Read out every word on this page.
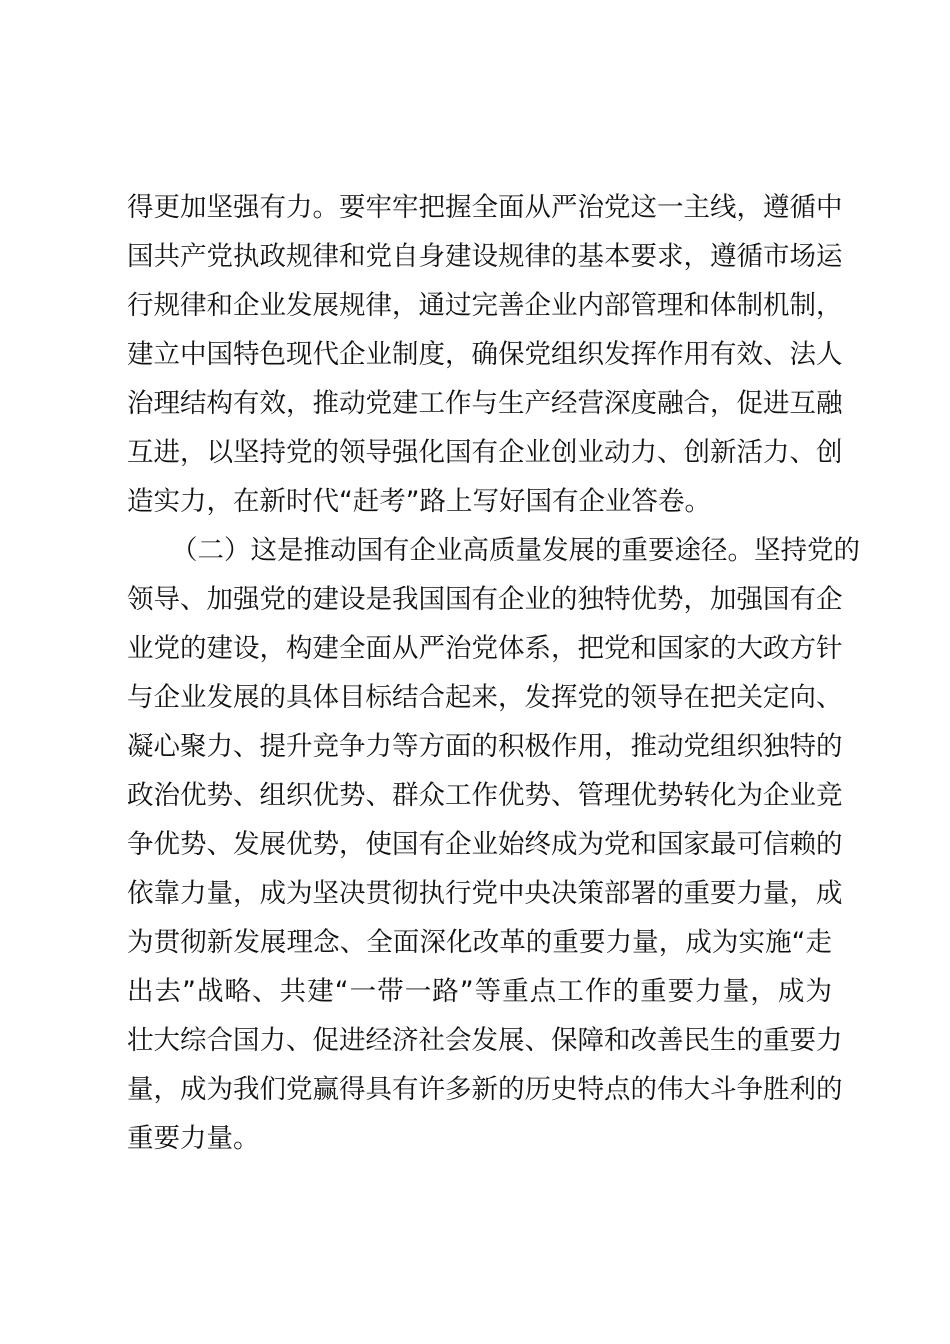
得更加坚强有力。要牢牢把握全面从严治党这一主线，遵循中
国共产党执政规律和党自身建设规律的基本要求，遵循市场运
行规律和企业发展规律，通过完善企业内部管理和体制机制，
建立中国特色现代企业制度，确保党组织发挥作用有效、法人
治理结构有效，推动党建工作与生产经营深度融合，促进互融
互进，以坚持党的领导强化国有企业创业动力、创新活力、创
造实力，在新时代“赶考”路上写好国有企业答卷。
（二）这是推动国有企业高质量发展的重要途径。坚持党的
领导、加强党的建设是我国国有企业的独特优势，加强国有企
业党的建设，构建全面从严治党体系，把党和国家的大政方针
与企业发展的具体目标结合起来，发挥党的领导在把关定向、
凝心聚力、提升竞争力等方面的积极作用，推动党组织独特的
政治优势、组织优势、群众工作优势、管理优势转化为企业竞
争优势、发展优势，使国有企业始终成为党和国家最可信赖的
依靠力量，成为坚决贯彻执行党中央决策部署的重要力量，成
为贯彻新发展理念、全面深化改革的重要力量，成为实施“走
出去”战略、共建“一带一路”等重点工作的重要力量，成为
壮大综合国力、促进经济社会发展、保障和改善民生的重要力
量，成为我们党赢得具有许多新的历史特点的伟大斗争胜利的
重要力量。
